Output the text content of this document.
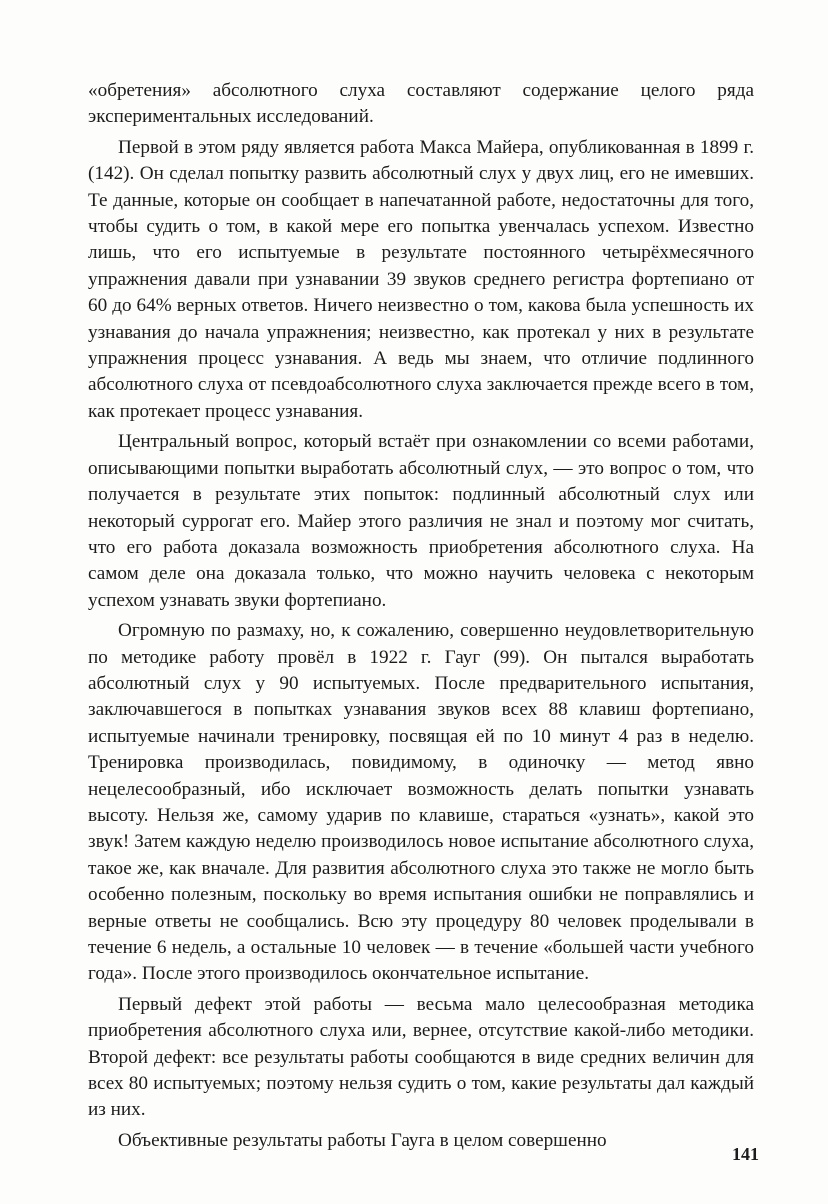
«обретения» абсолютного слуха составляют содержание целого ряда экспериментальных исследований.

Первой в этом ряду является работа Макса Майера, опубликованная в 1899 г. (142). Он сделал попытку развить абсолютный слух у двух лиц, его не имевших. Те данные, которые он сообщает в напечатанной работе, недостаточны для того, чтобы судить о том, в какой мере его попытка увенчалась успехом. Известно лишь, что его испытуемые в результате постоянного четырёхмесячного упражнения давали при узнавании 39 звуков среднего регистра фортепиано от 60 до 64% верных ответов. Ничего неизвестно о том, какова была успешность их узнавания до начала упражнения; неизвестно, как протекал у них в результате упражнения процесс узнавания. А ведь мы знаем, что отличие подлинного абсолютного слуха от псевдоабсолютного слуха заключается прежде всего в том, как протекает процесс узнавания.

Центральный вопрос, который встаёт при ознакомлении со всеми работами, описывающими попытки выработать абсолютный слух, — это вопрос о том, что получается в результате этих попыток: подлинный абсолютный слух или некоторый суррогат его. Майер этого различия не знал и поэтому мог считать, что его работа доказала возможность приобретения абсолютного слуха. На самом деле она доказала только, что можно научить человека с некоторым успехом узнавать звуки фортепиано.

Огромную по размаху, но, к сожалению, совершенно неудовлетворительную по методике работу провёл в 1922 г. Гауг (99). Он пытался выработать абсолютный слух у 90 испытуемых. После предварительного испытания, заключавшегося в попытках узнавания звуков всех 88 клавиш фортепиано, испытуемые начинали тренировку, посвящая ей по 10 минут 4 раз в неделю. Тренировка производилась, повидимому, в одиночку — метод явно нецелесообразный, ибо исключает возможность делать попытки узнавать высоту. Нельзя же, самому ударив по клавише, стараться «узнать», какой это звук! Затем каждую неделю производилось новое испытание абсолютного слуха, такое же, как вначале. Для развития абсолютного слуха это также не могло быть особенно полезным, поскольку во время испытания ошибки не поправлялись и верные ответы не сообщались. Всю эту процедуру 80 человек проделывали в течение 6 недель, а остальные 10 человек — в течение «большей части учебного года». После этого производилось окончательное испытание.

Первый дефект этой работы — весьма мало целесообразная методика приобретения абсолютного слуха или, вернее, отсутствие какой-либо методики. Второй дефект: все результаты работы сообщаются в виде средних величин для всех 80 испытуемых; поэтому нельзя судить о том, какие результаты дал каждый из них.

Объективные результаты работы Гауга в целом совершенно

141
